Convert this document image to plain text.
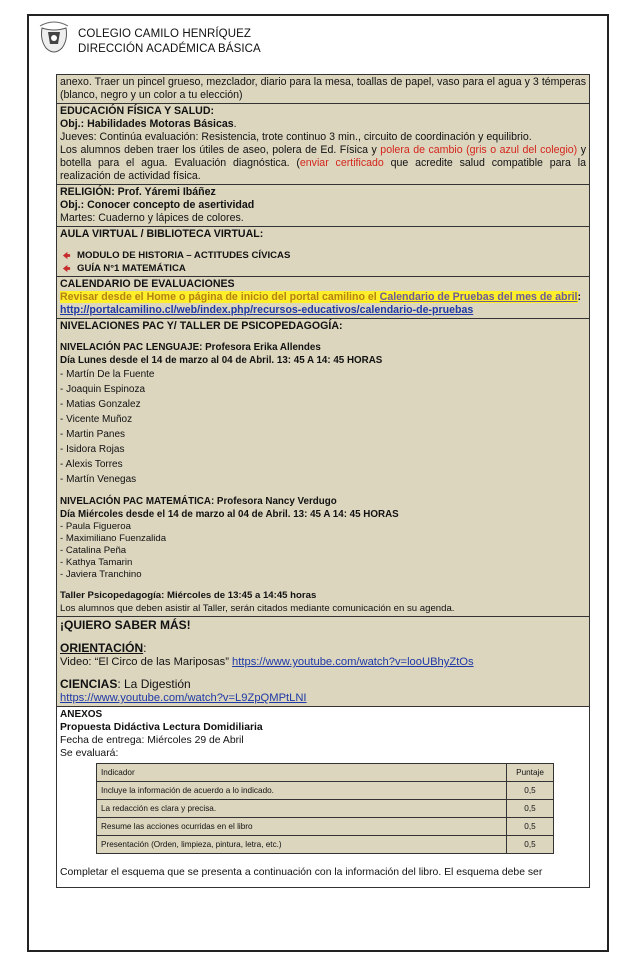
COLEGIO CAMILO HENRÍQUEZ
DIRECCIÓN ACADÉMICA BÁSICA
anexo. Traer un pincel grueso, mezclador, diario para la mesa, toallas de papel, vaso para el agua y 3 témperas (blanco, negro y un color a tu elección)
EDUCACIÓN FÍSICA Y SALUD:
Obj.: Habilidades Motoras Básicas.
Jueves: Continúa evaluación: Resistencia, trote continuo 3 min., circuito de coordinación y equilibrio.
Los alumnos deben traer los útiles de aseo, polera de Ed. Física y polera de cambio (gris o azul del colegio) y botella para el agua. Evaluación diagnóstica. (enviar certificado que acredite salud compatible para la realización de actividad física.
RELIGIÓN: Prof. Yáremi Ibáñez
Obj.: Conocer concepto de asertividad
Martes: Cuaderno y lápices de colores.
AULA VIRTUAL / BIBLIOTECA VIRTUAL:
MODULO DE HISTORIA – ACTITUDES CÍVICAS
GUÍA N°1 MATEMÁTICA
CALENDARIO DE EVALUACIONES
Revisar desde el Home o página de inicio del portal camilino el Calendario de Pruebas del mes de abril:
http://portalcamilino.cl/web/index.php/recursos-educativos/calendario-de-pruebas
NIVELACIONES PAC Y/ TALLER DE PSICOPEDAGOGÍA:
NIVELACIÓN PAC LENGUAJE: Profesora Erika Allendes
Día Lunes desde el 14 de marzo al 04 de Abril. 13: 45 A 14: 45 HORAS
- Martín De la Fuente
- Joaquin Espinoza
- Matias Gonzalez
- Vicente Muñoz
- Martin Panes
- Isidora Rojas
- Alexis Torres
- Martín Venegas
NIVELACIÓN PAC MATEMÁTICA: Profesora Nancy Verdugo
Día Miércoles desde el 14 de marzo al 04 de Abril. 13: 45 A 14: 45 HORAS
- Paula Figueroa
- Maximiliano Fuenzalida
- Catalina Peña
- Kathya Tamarin
- Javiera Tranchino
Taller Psicopedagogía: Miércoles de 13:45 a 14:45 horas
Los alumnos que deben asistir al Taller, serán citados mediante comunicación en su agenda.
¡QUIERO SABER MÁS!
ORIENTACIÓN:
Video: “El Circo de las Mariposas” https://www.youtube.com/watch?v=looUBhyZtOs
CIENCIAS: La Digestión
https://www.youtube.com/watch?v=L9ZpQMPtLNI
ANEXOS
Propuesta Didáctiva Lectura Domidiliaria
Fecha de entrega: Miércoles 29 de Abril
Se evaluará:
Indicador	Puntaje
Incluye la información de acuerdo a lo indicado.	0,5
La redacción es clara y precisa.	0,5
Resume las acciones ocurridas en el libro	0,5
Presentación (Orden, limpieza, pintura, letra, etc.)	0,5
Completar el esquema que se presenta a continuación con la información del libro. El esquema debe ser
